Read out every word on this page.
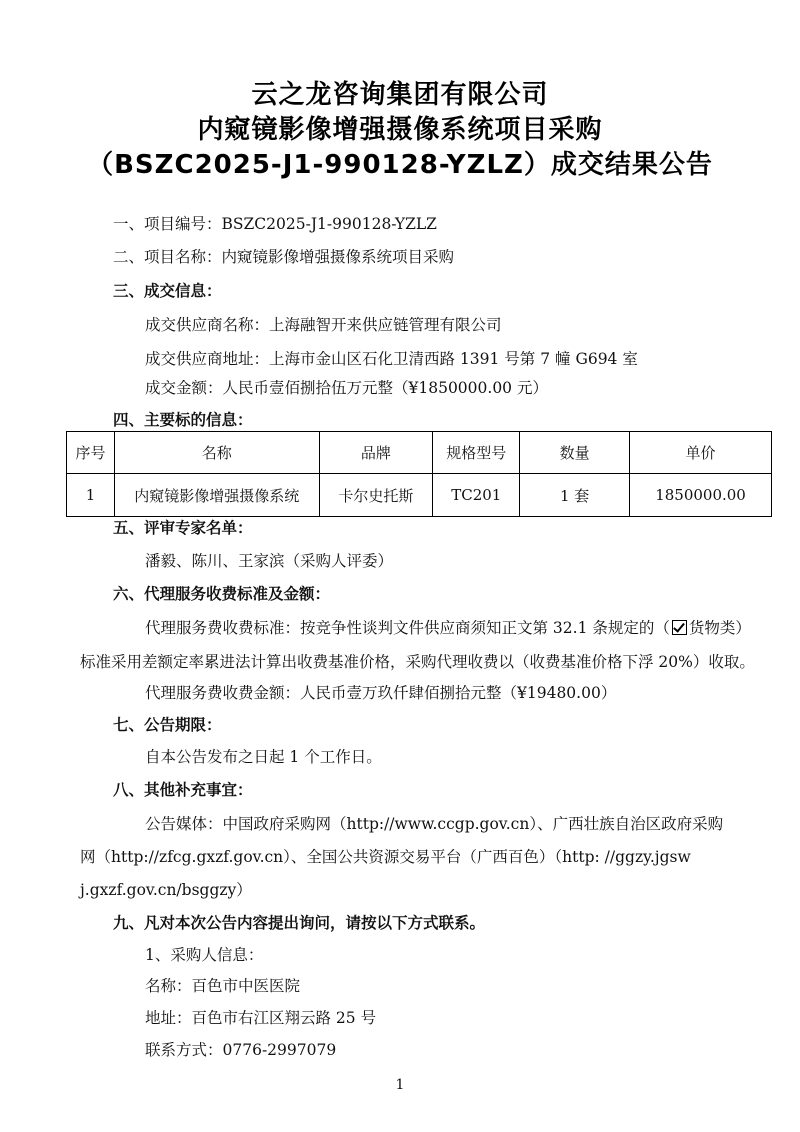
云之龙咨询集团有限公司
内窥镜影像增强摄像系统项目采购
（BSZC2025-J1-990128-YZLZ）成交结果公告
一、项目编号：BSZC2025-J1-990128-YZLZ
二、项目名称：内窥镜影像增强摄像系统项目采购
三、成交信息：
成交供应商名称：上海融智开来供应链管理有限公司
成交供应商地址：上海市金山区石化卫清西路 1391 号第 7 幢 G694 室
成交金额：人民币壹佰捌拾伍万元整（¥1850000.00 元）
四、主要标的信息：
序号	名称	品牌	规格型号	数量	单价
1	内窥镜影像增强摄像系统	卡尔史托斯	TC201	1 套	1850000.00
五、评审专家名单：
潘毅、陈川、王家滨（采购人评委）
六、代理服务收费标准及金额：
代理服务费收费标准：按竞争性谈判文件供应商须知正文第 32.1 条规定的（ 货物类）
标准采用差额定率累进法计算出收费基准价格，采购代理收费以（收费基准价格下浮 20%）收取。
代理服务费收费金额：人民币壹万玖仟肆佰捌拾元整（¥19480.00）
七、公告期限：
自本公告发布之日起 1 个工作日。
八、其他补充事宜：
公告媒体：中国政府采购网（http://www.ccgp.gov.cn）、广西壮族自治区政府采购
网（http://zfcg.gxzf.gov.cn）、全国公共资源交易平台（广西百色）（http: //ggzy.jgsw
j.gxzf.gov.cn/bsggzy）
九、凡对本次公告内容提出询问，请按以下方式联系。
1、采购人信息：
名称：百色市中医医院
地址：百色市右江区翔云路 25 号
联系方式：0776-2997079
1
